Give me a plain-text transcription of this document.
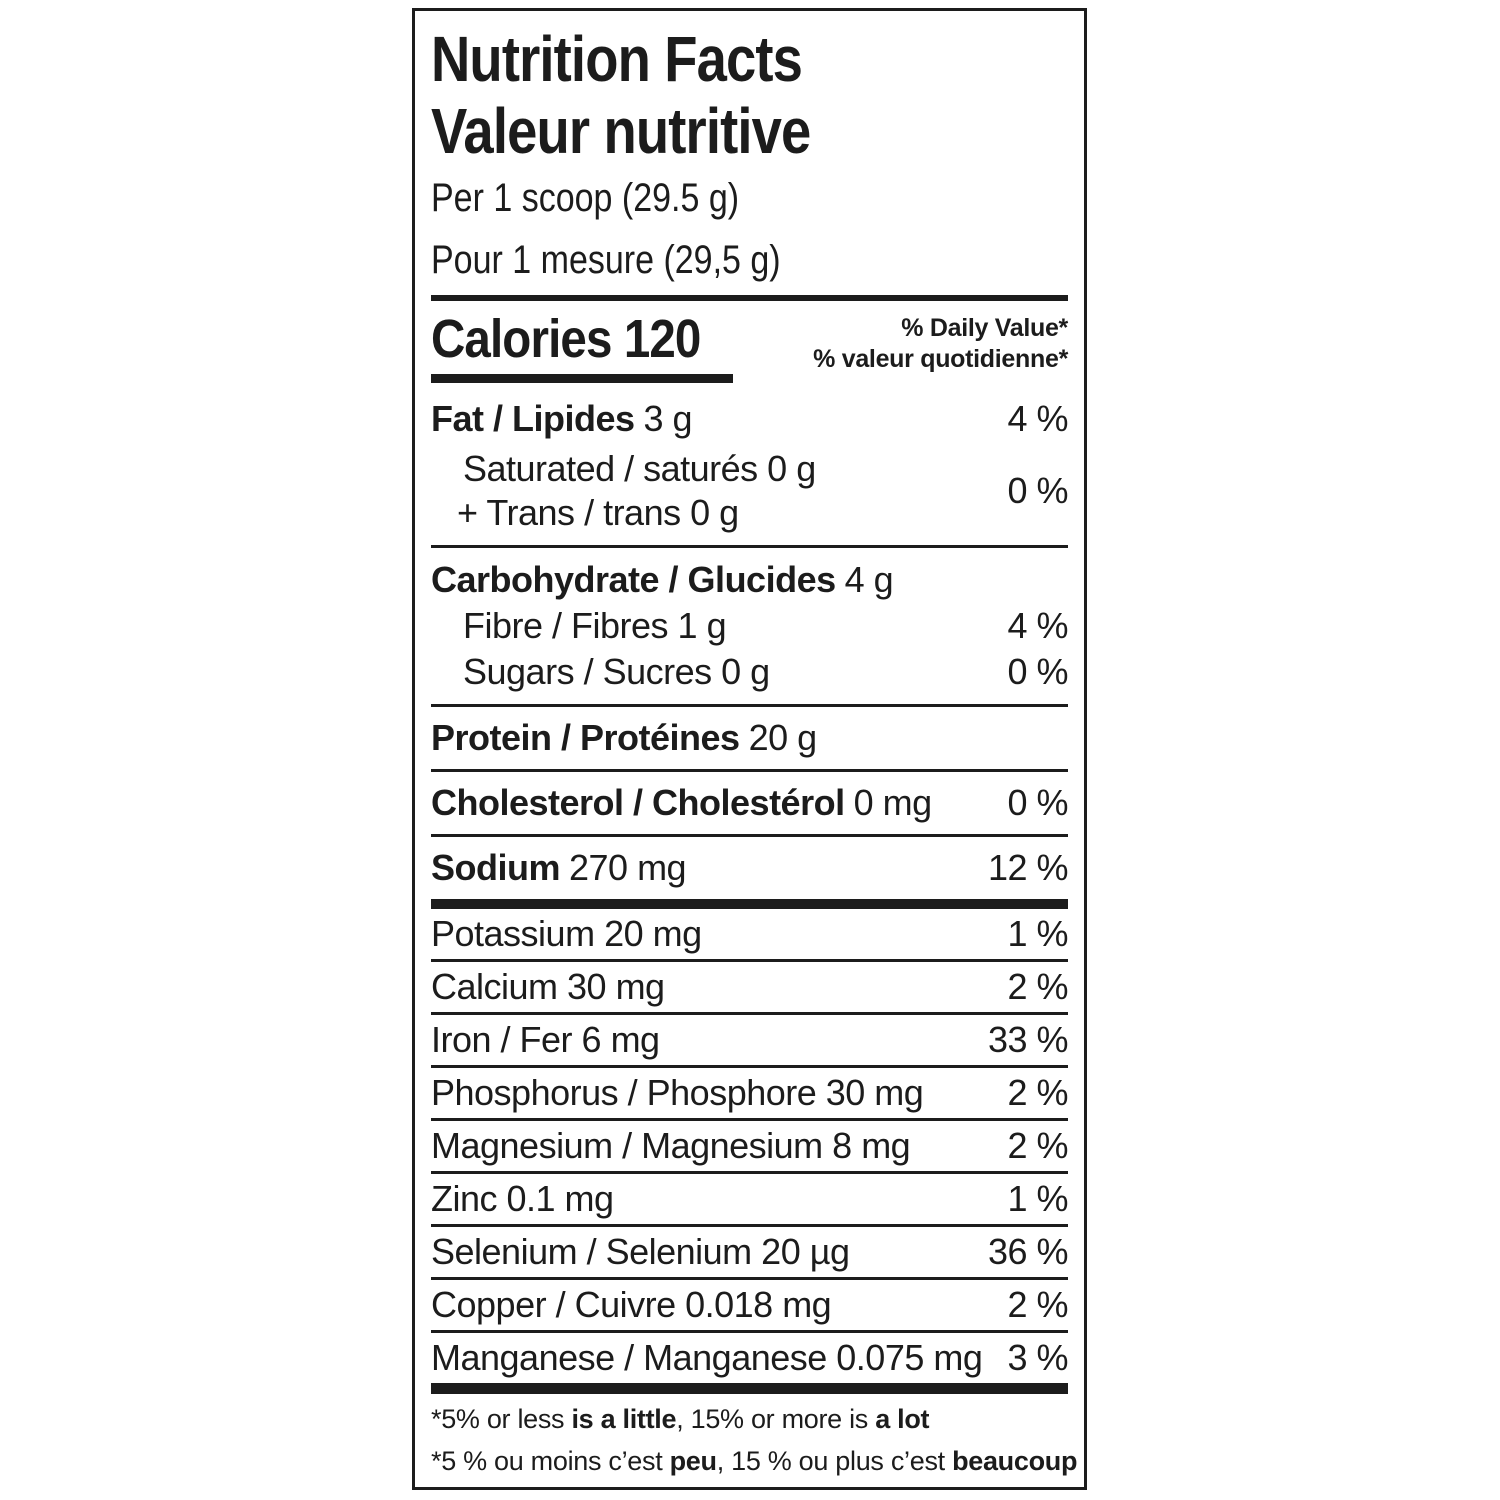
Nutrition Facts
Valeur nutritive
Per 1 scoop (29.5 g)
Pour 1 mesure (29,5 g)
Calories 120	% Daily Value*
% valeur quotidienne*
Fat / Lipides 3 g	4 %
Saturated / saturés 0 g
+ Trans / trans 0 g
0 %
Carbohydrate / Glucides 4 g
Fibre / Fibres 1 g	4 %
Sugars / Sucres 0 g	0 %
Protein / Protéines 20 g
Cholesterol / Cholestérol 0 mg 0 %
Sodium 270 mg	12 %
Potassium 20 mg	1 %
Calcium 30 mg	2 %
Iron / Fer 6 mg	33 %
Phosphorus / Phosphore 30 mg 2 %
Magnesium / Magnesium 8 mg	2 %
Zinc 0.1 mg	1 %
Selenium / Selenium 20 µg	36 %
Copper / Cuivre 0.018 mg	2 %
Manganese / Manganese 0.075 mg 3 %
*5% or less is a little, 15% or more is a lot
*5 % ou moins c’est peu, 15 % ou plus c’est beaucoup
